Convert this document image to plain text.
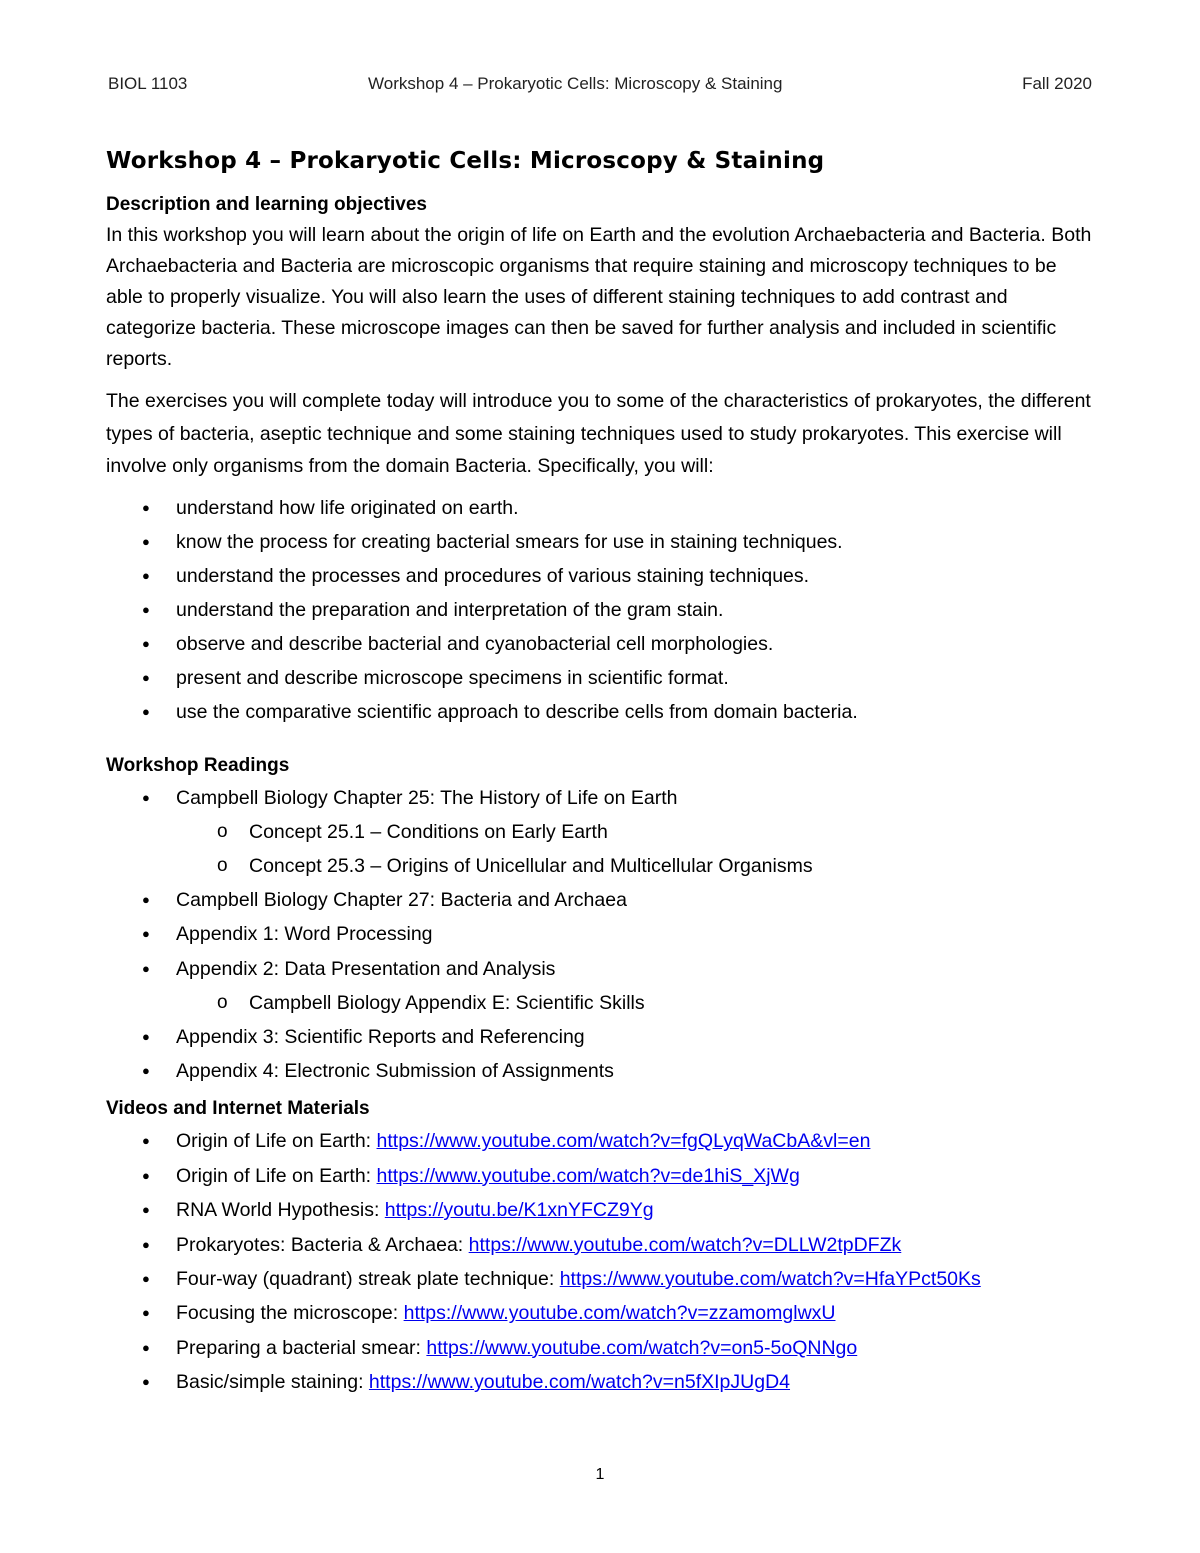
BIOL 1103	Workshop 4 – Prokaryotic Cells: Microscopy & Staining	Fall 2020
Workshop 4 – Prokaryotic Cells: Microscopy & Staining

Description and learning objectives

In this workshop you will learn about the origin of life on Earth and the evolution Archaebacteria and Bacteria. Both Archaebacteria and Bacteria are microscopic organisms that require staining and microscopy techniques to be able to properly visualize. You will also learn the uses of different staining techniques to add contrast and categorize bacteria. These microscope images can then be saved for further analysis and included in scientific reports.

The exercises you will complete today will introduce you to some of the characteristics of prokaryotes, the different types of bacteria, aseptic technique and some staining techniques used to study prokaryotes. This exercise will involve only organisms from the domain Bacteria. Specifically, you will:

● understand how life originated on earth.
● know the process for creating bacterial smears for use in staining techniques.
● understand the processes and procedures of various staining techniques.
● understand the preparation and interpretation of the gram stain.
● observe and describe bacterial and cyanobacterial cell morphologies.
● present and describe microscope specimens in scientific format.
● use the comparative scientific approach to describe cells from domain bacteria.

Workshop Readings

● Campbell Biology Chapter 25: The History of Life on Earth
o Concept 25.1 – Conditions on Early Earth
o Concept 25.3 – Origins of Unicellular and Multicellular Organisms
● Campbell Biology Chapter 27: Bacteria and Archaea
● Appendix 1: Word Processing
● Appendix 2: Data Presentation and Analysis
o Campbell Biology Appendix E: Scientific Skills
● Appendix 3: Scientific Reports and Referencing
● Appendix 4: Electronic Submission of Assignments

Videos and Internet Materials

● Origin of Life on Earth: https://www.youtube.com/watch?v=fgQLyqWaCbA&vl=en
● Origin of Life on Earth: https://www.youtube.com/watch?v=de1hiS_XjWg
● RNA World Hypothesis: https://youtu.be/K1xnYFCZ9Yg
● Prokaryotes: Bacteria & Archaea: https://www.youtube.com/watch?v=DLLW2tpDFZk
● Four-way (quadrant) streak plate technique: https://www.youtube.com/watch?v=HfaYPct50Ks
● Focusing the microscope: https://www.youtube.com/watch?v=zzamomglwxU
● Preparing a bacterial smear: https://www.youtube.com/watch?v=on5-5oQNNgo
● Basic/simple staining: https://www.youtube.com/watch?v=n5fXIpJUgD4
1
